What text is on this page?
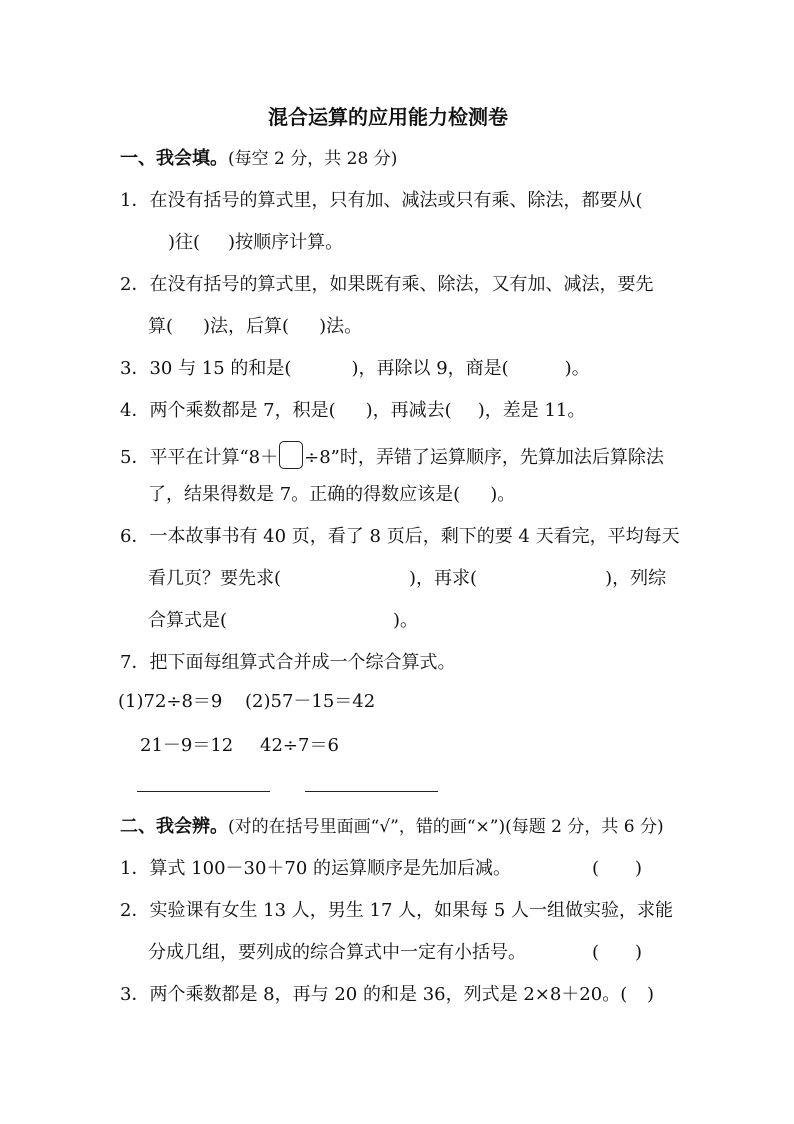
混合运算的应用能力检测卷
一、我会填。(每空 2 分，共 28 分)
1．在没有括号的算式里，只有加、减法或只有乘、除法，都要从(
)往( )按顺序计算。
2．在没有括号的算式里，如果既有乘、除法，又有加、减法，要先
算( )法，后算( )法。
3．30 与 15 的和是(	)，再除以 9，商是(	)。
4．两个乘数都是 7，积是( )，再减去( )，差是 11。
5．平平在计算“8＋ ÷8”时，弄错了运算顺序，先算加法后算除法
了，结果得数是 7。正确的得数应该是( )。
6．一本故事书有 40 页，看了 8 页后，剩下的要 4 天看完，平均每天
看几页？要先求(	)，再求(	)，列综
合算式是(	)。
7．把下面每组算式合并成一个综合算式。
(1)72÷8＝9 (2)57－15＝42
21－9＝12 42÷7＝6
二、我会辨。(对的在括号里面画“√”，错的画“×”)(每题 2 分，共 6 分)
1．算式 100－30＋70 的运算顺序是先加后减。	(　　)
2．实验课有女生 13 人，男生 17 人，如果每 5 人一组做实验，求能
分成几组，要列成的综合算式中一定有小括号。	(　　)
3．两个乘数都是 8，再与 20 的和是 36，列式是 2×8＋20。( )
